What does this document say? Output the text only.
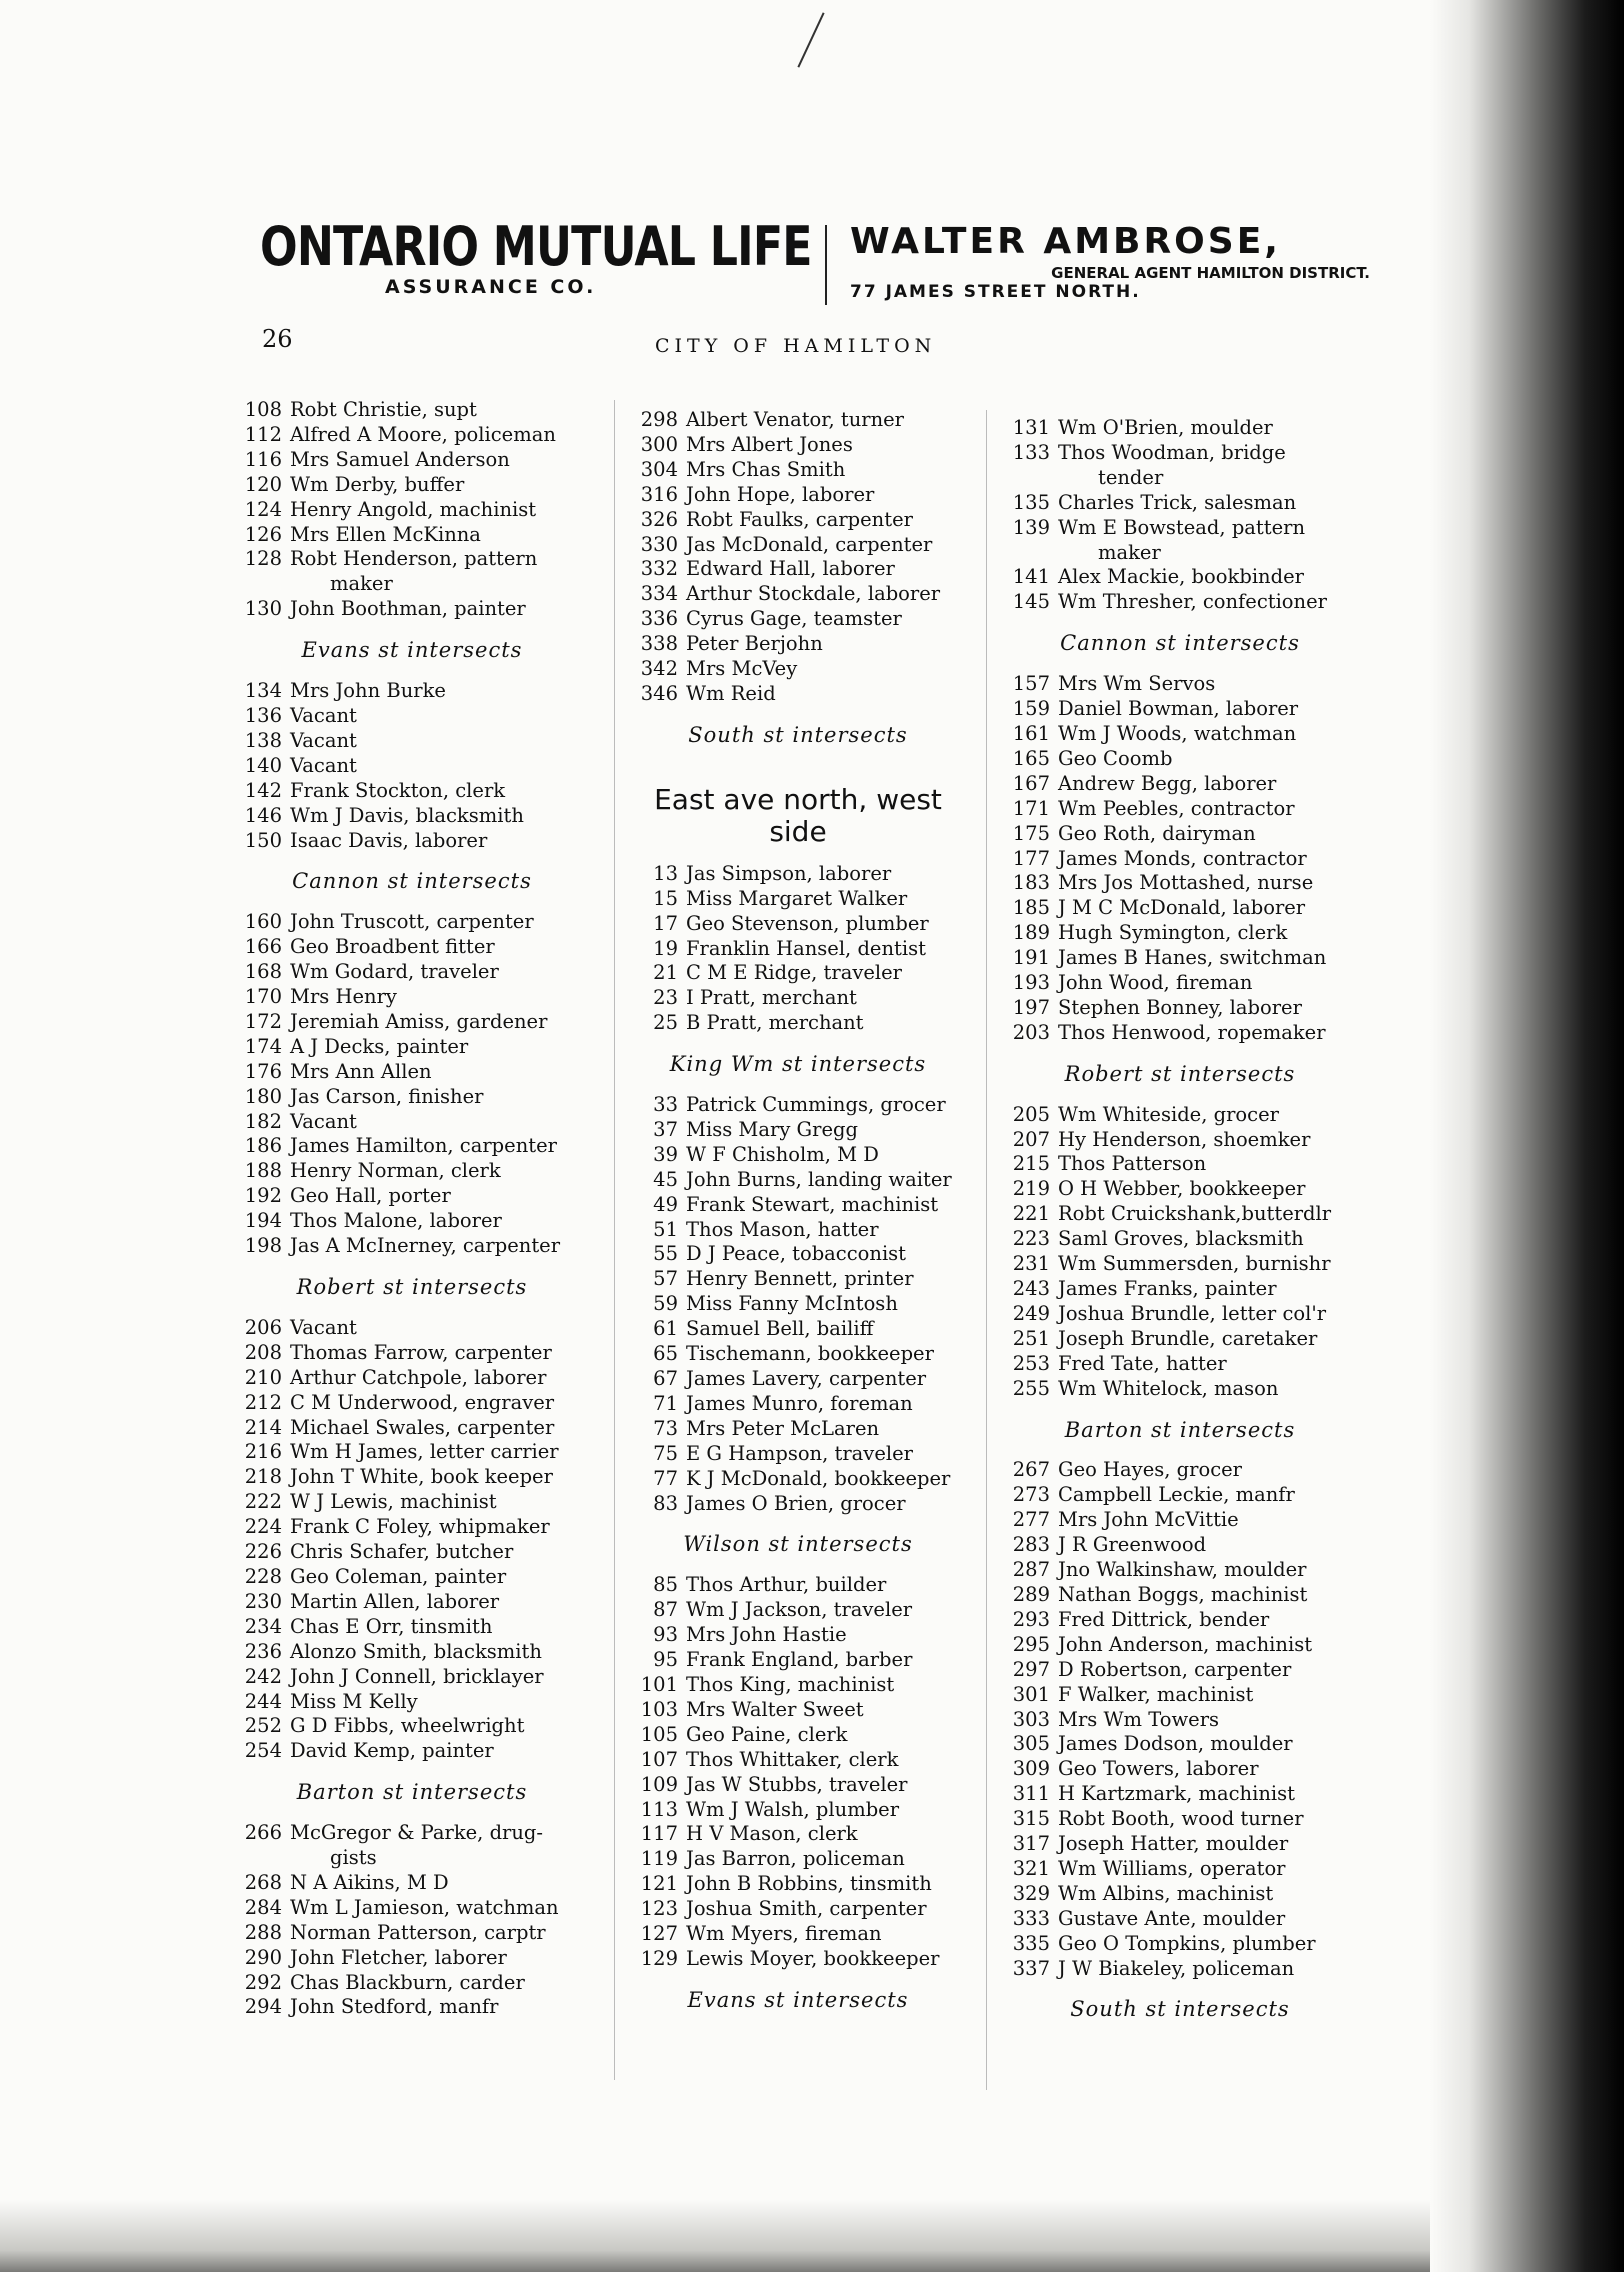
ONTARIO MUTUAL LIFE
ASSURANCE CO.
WALTER AMBROSE,
GENERAL AGENT HAMILTON DISTRICT.
77 JAMES STREET NORTH.
26	CITY OF HAMILTON
108 Robt Christie, supt
112 Alfred A Moore, policeman
116 Mrs Samuel Anderson
120 Wm Derby, buffer
124 Henry Angold, machinist
126 Mrs Ellen McKinna
128 Robt Henderson, pattern
maker
130 John Boothman, painter
Evans st intersects
134 Mrs John Burke
136 Vacant
138 Vacant
140 Vacant
142 Frank Stockton, clerk
146 Wm J Davis, blacksmith
150 Isaac Davis, laborer
Cannon st intersects
160 John Truscott, carpenter
166 Geo Broadbent fitter
168 Wm Godard, traveler
170 Mrs Henry
172 Jeremiah Amiss, gardener
174 A J Decks, painter
176 Mrs Ann Allen
180 Jas Carson, finisher
182 Vacant
186 James Hamilton, carpenter
188 Henry Norman, clerk
192 Geo Hall, porter
194 Thos Malone, laborer
198 Jas A McInerney, carpenter
Robert st intersects
206 Vacant
208 Thomas Farrow, carpenter
210 Arthur Catchpole, laborer
212 C M Underwood, engraver
214 Michael Swales, carpenter
216 Wm H James, letter carrier
218 John T White, book keeper
222 W J Lewis, machinist
224 Frank C Foley, whipmaker
226 Chris Schafer, butcher
228 Geo Coleman, painter
230 Martin Allen, laborer
234 Chas E Orr, tinsmith
236 Alonzo Smith, blacksmith
242 John J Connell, bricklayer
244 Miss M Kelly
252 G D Fibbs, wheelwright
254 David Kemp, painter
Barton st intersects
266 McGregor & Parke, drug-
gists
268 N A Aikins, M D
284 Wm L Jamieson, watchman
288 Norman Patterson, carptr
290 John Fletcher, laborer
292 Chas Blackburn, carder
294 John Stedford, manfr
298 Albert Venator, turner
300 Mrs Albert Jones
304 Mrs Chas Smith
316 John Hope, laborer
326 Robt Faulks, carpenter
330 Jas McDonald, carpenter
332 Edward Hall, laborer
334 Arthur Stockdale, laborer
336 Cyrus Gage, teamster
338 Peter Berjohn
342 Mrs McVey
346 Wm Reid
South st intersects
East ave north, west side
13 Jas Simpson, laborer
15 Miss Margaret Walker
17 Geo Stevenson, plumber
19 Franklin Hansel, dentist
21 C M E Ridge, traveler
23 I Pratt, merchant
25 B Pratt, merchant
King Wm st intersects
33 Patrick Cummings, grocer
37 Miss Mary Gregg
39 W F Chisholm, M D
45 John Burns, landing waiter
49 Frank Stewart, machinist
51 Thos Mason, hatter
55 D J Peace, tobacconist
57 Henry Bennett, printer
59 Miss Fanny McIntosh
61 Samuel Bell, bailiff
65 Tischemann, bookkeeper
67 James Lavery, carpenter
71 James Munro, foreman
73 Mrs Peter McLaren
75 E G Hampson, traveler
77 K J McDonald, bookkeeper
83 James O Brien, grocer
Wilson st intersects
85 Thos Arthur, builder
87 Wm J Jackson, traveler
93 Mrs John Hastie
95 Frank England, barber
101 Thos King, machinist
103 Mrs Walter Sweet
105 Geo Paine, clerk
107 Thos Whittaker, clerk
109 Jas W Stubbs, traveler
113 Wm J Walsh, plumber
117 H V Mason, clerk
119 Jas Barron, policeman
121 John B Robbins, tinsmith
123 Joshua Smith, carpenter
127 Wm Myers, fireman
129 Lewis Moyer, bookkeeper
Evans st intersects
131 Wm O'Brien, moulder
133 Thos Woodman, bridge
tender
135 Charles Trick, salesman
139 Wm E Bowstead, pattern
maker
141 Alex Mackie, bookbinder
145 Wm Thresher, confectioner
Cannon st intersects
157 Mrs Wm Servos
159 Daniel Bowman, laborer
161 Wm J Woods, watchman
165 Geo Coomb
167 Andrew Begg, laborer
171 Wm Peebles, contractor
175 Geo Roth, dairyman
177 James Monds, contractor
183 Mrs Jos Mottashed, nurse
185 J M C McDonald, laborer
189 Hugh Symington, clerk
191 James B Hanes, switchman
193 John Wood, fireman
197 Stephen Bonney, laborer
203 Thos Henwood, ropemaker
Robert st intersects
205 Wm Whiteside, grocer
207 Hy Henderson, shoemker
215 Thos Patterson
219 O H Webber, bookkeeper
221 Robt Cruickshank,butterdlr
223 Saml Groves, blacksmith
231 Wm Summersden, burnishr
243 James Franks, painter
249 Joshua Brundle, letter col'r
251 Joseph Brundle, caretaker
253 Fred Tate, hatter
255 Wm Whitelock, mason
Barton st intersects
267 Geo Hayes, grocer
273 Campbell Leckie, manfr
277 Mrs John McVittie
283 J R Greenwood
287 Jno Walkinshaw, moulder
289 Nathan Boggs, machinist
293 Fred Dittrick, bender
295 John Anderson, machinist
297 D Robertson, carpenter
301 F Walker, machinist
303 Mrs Wm Towers
305 James Dodson, moulder
309 Geo Towers, laborer
311 H Kartzmark, machinist
315 Robt Booth, wood turner
317 Joseph Hatter, moulder
321 Wm Williams, operator
329 Wm Albins, machinist
333 Gustave Ante, moulder
335 Geo O Tompkins, plumber
337 J W Biakeley, policeman
South st intersects
